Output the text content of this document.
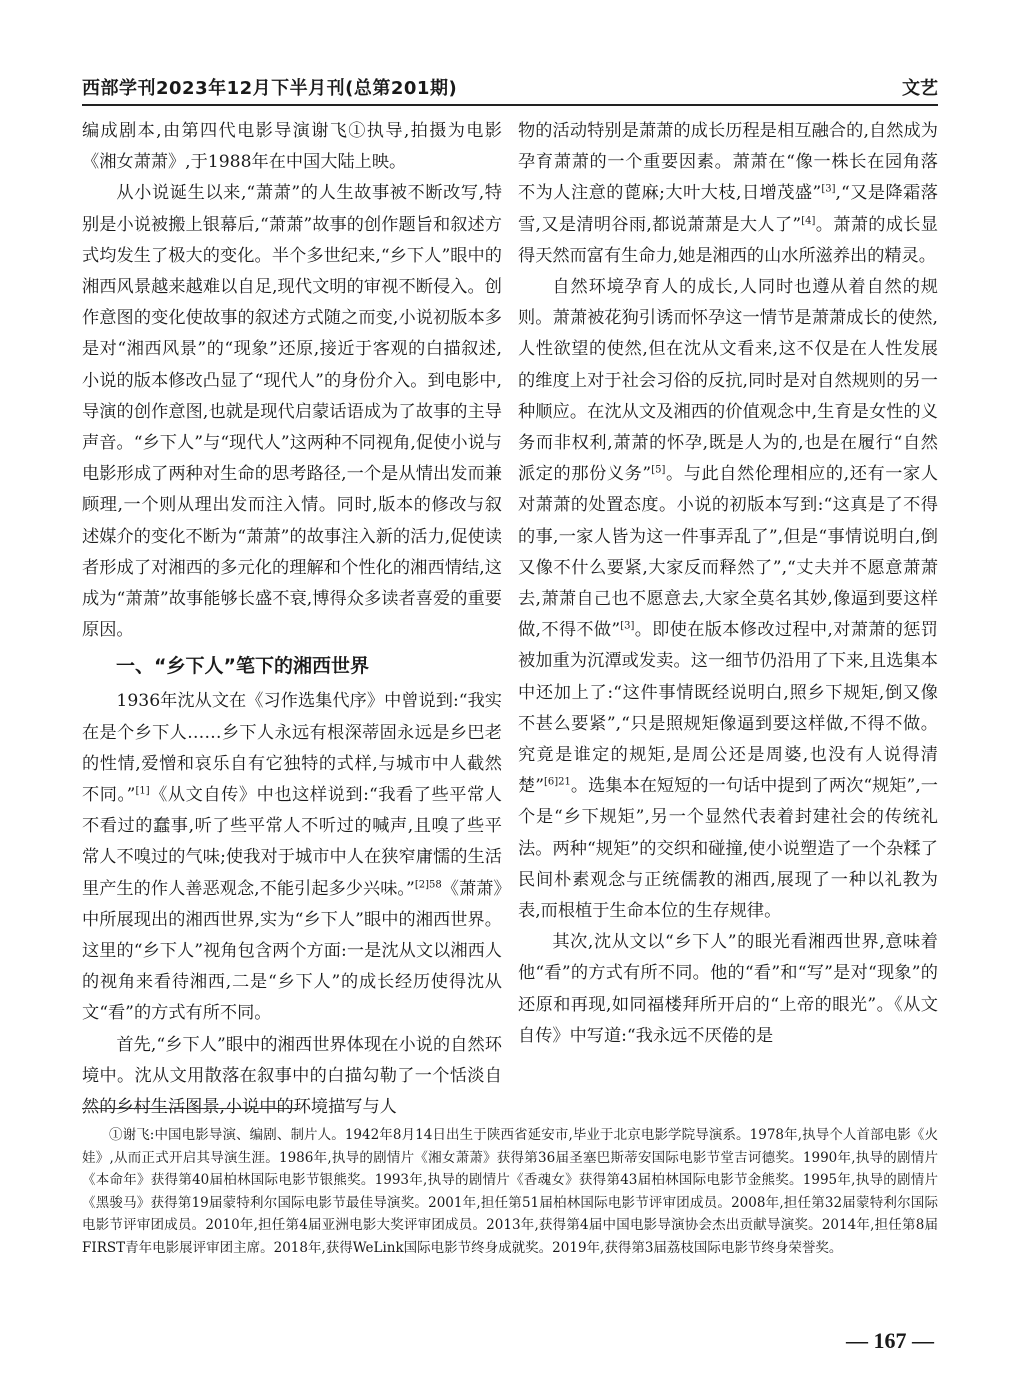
西部学刊2023年12月下半月刊(总第201期)	文艺

编成剧本,由第四代电影导演谢飞①执导,拍摄为电影《湘女萧萧》,于1988年在中国大陆上映。

从小说诞生以来,“萧萧”的人生故事被不断改写,特别是小说被搬上银幕后,“萧萧”故事的创作题旨和叙述方式均发生了极大的变化。半个多世纪来,“乡下人”眼中的湘西风景越来越难以自足,现代文明的审视不断侵入。创作意图的变化使故事的叙述方式随之而变,小说初版本多是对“湘西风景”的“现象”还原,接近于客观的白描叙述,小说的版本修改凸显了“现代人”的身份介入。到电影中,导演的创作意图,也就是现代启蒙话语成为了故事的主导声音。“乡下人”与“现代人”这两种不同视角,促使小说与电影形成了两种对生命的思考路径,一个是从情出发而兼顾理,一个则从理出发而注入情。同时,版本的修改与叙述媒介的变化不断为“萧萧”的故事注入新的活力,促使读者形成了对湘西的多元化的理解和个性化的湘西情结,这成为“萧萧”故事能够长盛不衰,博得众多读者喜爱的重要原因。

一、“乡下人”笔下的湘西世界

1936年沈从文在《习作选集代序》中曾说到:“我实在是个乡下人……乡下人永远有根深蒂固永远是乡巴老的性情,爱憎和哀乐自有它独特的式样,与城市中人截然不同。”[1]《从文自传》中也这样说到:“我看了些平常人不看过的蠢事,听了些平常人不听过的喊声,且嗅了些平常人不嗅过的气味;使我对于城市中人在狭窄庸懦的生活里产生的作人善恶观念,不能引起多少兴味。”$^{[2]58}$《萧萧》中所展现出的湘西世界,实为“乡下人”眼中的湘西世界。这里的“乡下人”视角包含两个方面:一是沈从文以湘西人的视角来看待湘西,二是“乡下人”的成长经历使得沈从文“看”的方式有所不同。

首先,“乡下人”眼中的湘西世界体现在小说的自然环境中。沈从文用散落在叙事中的白描勾勒了一个恬淡自然的乡村生活图景,小说中的环境描写与人

物的活动特别是萧萧的成长历程是相互融合的,自然成为孕育萧萧的一个重要因素。萧萧在“像一株长在园角落不为人注意的蓖麻;大叶大枝,日增茂盛”[3],“又是降霜落雪,又是清明谷雨,都说萧萧是大人了”[4]。萧萧的成长显得天然而富有生命力,她是湘西的山水所滋养出的精灵。

自然环境孕育人的成长,人同时也遵从着自然的规则。萧萧被花狗引诱而怀孕这一情节是萧萧成长的使然,人性欲望的使然,但在沈从文看来,这不仅是在人性发展的维度上对于社会习俗的反抗,同时是对自然规则的另一种顺应。在沈从文及湘西的价值观念中,生育是女性的义务而非权利,萧萧的怀孕,既是人为的,也是在履行“自然派定的那份义务”[5]。与此自然伦理相应的,还有一家人对萧萧的处置态度。小说的初版本写到:“这真是了不得的事,一家人皆为这一件事弄乱了”,但是“事情说明白,倒又像不什么要紧,大家反而释然了”,“丈夫并不愿意萧萧去,萧萧自己也不愿意去,大家全莫名其妙,像逼到要这样做,不得不做”[3]。即使在版本修改过程中,对萧萧的惩罚被加重为沉潭或发卖。这一细节仍沿用了下来,且选集本中还加上了:“这件事情既经说明白,照乡下规矩,倒又像不甚么要紧”,“只是照规矩像逼到要这样做,不得不做。究竟是谁定的规矩,是周公还是周婆,也没有人说得清楚”$^{[6]21}$。选集本在短短的一句话中提到了两次“规矩”,一个是“乡下规矩”,另一个显然代表着封建社会的传统礼法。两种“规矩”的交织和碰撞,使小说塑造了一个杂糅了民间朴素观念与正统儒教的湘西,展现了一种以礼教为表,而根植于生命本位的生存规律。

其次,沈从文以“乡下人”的眼光看湘西世界,意味着他“看”的方式有所不同。他的“看”和“写”是对“现象”的还原和再现,如同福楼拜所开启的“上帝的眼光”。《从文自传》中写道:“我永远不厌倦的是

①谢飞:中国电影导演、编剧、制片人。1942年8月14日出生于陕西省延安市,毕业于北京电影学院导演系。1978年,执导个人首部电影《火娃》,从而正式开启其导演生涯。1986年,执导的剧情片《湘女萧萧》获得第36届圣塞巴斯蒂安国际电影节堂吉诃德奖。1990年,执导的剧情片《本命年》获得第40届柏林国际电影节银熊奖。1993年,执导的剧情片《香魂女》获得第43届柏林国际电影节金熊奖。1995年,执导的剧情片《黑骏马》获得第19届蒙特利尔国际电影节最佳导演奖。2001年,担任第51届柏林国际电影节评审团成员。2008年,担任第32届蒙特利尔国际电影节评审团成员。2010年,担任第4届亚洲电影大奖评审团成员。2013年,获得第4届中国电影导演协会杰出贡献导演奖。2014年,担任第8届FIRST青年电影展评审团主席。2018年,获得WeLink国际电影节终身成就奖。2019年,获得第3届荔枝国际电影节终身荣誉奖。
— 167 —
